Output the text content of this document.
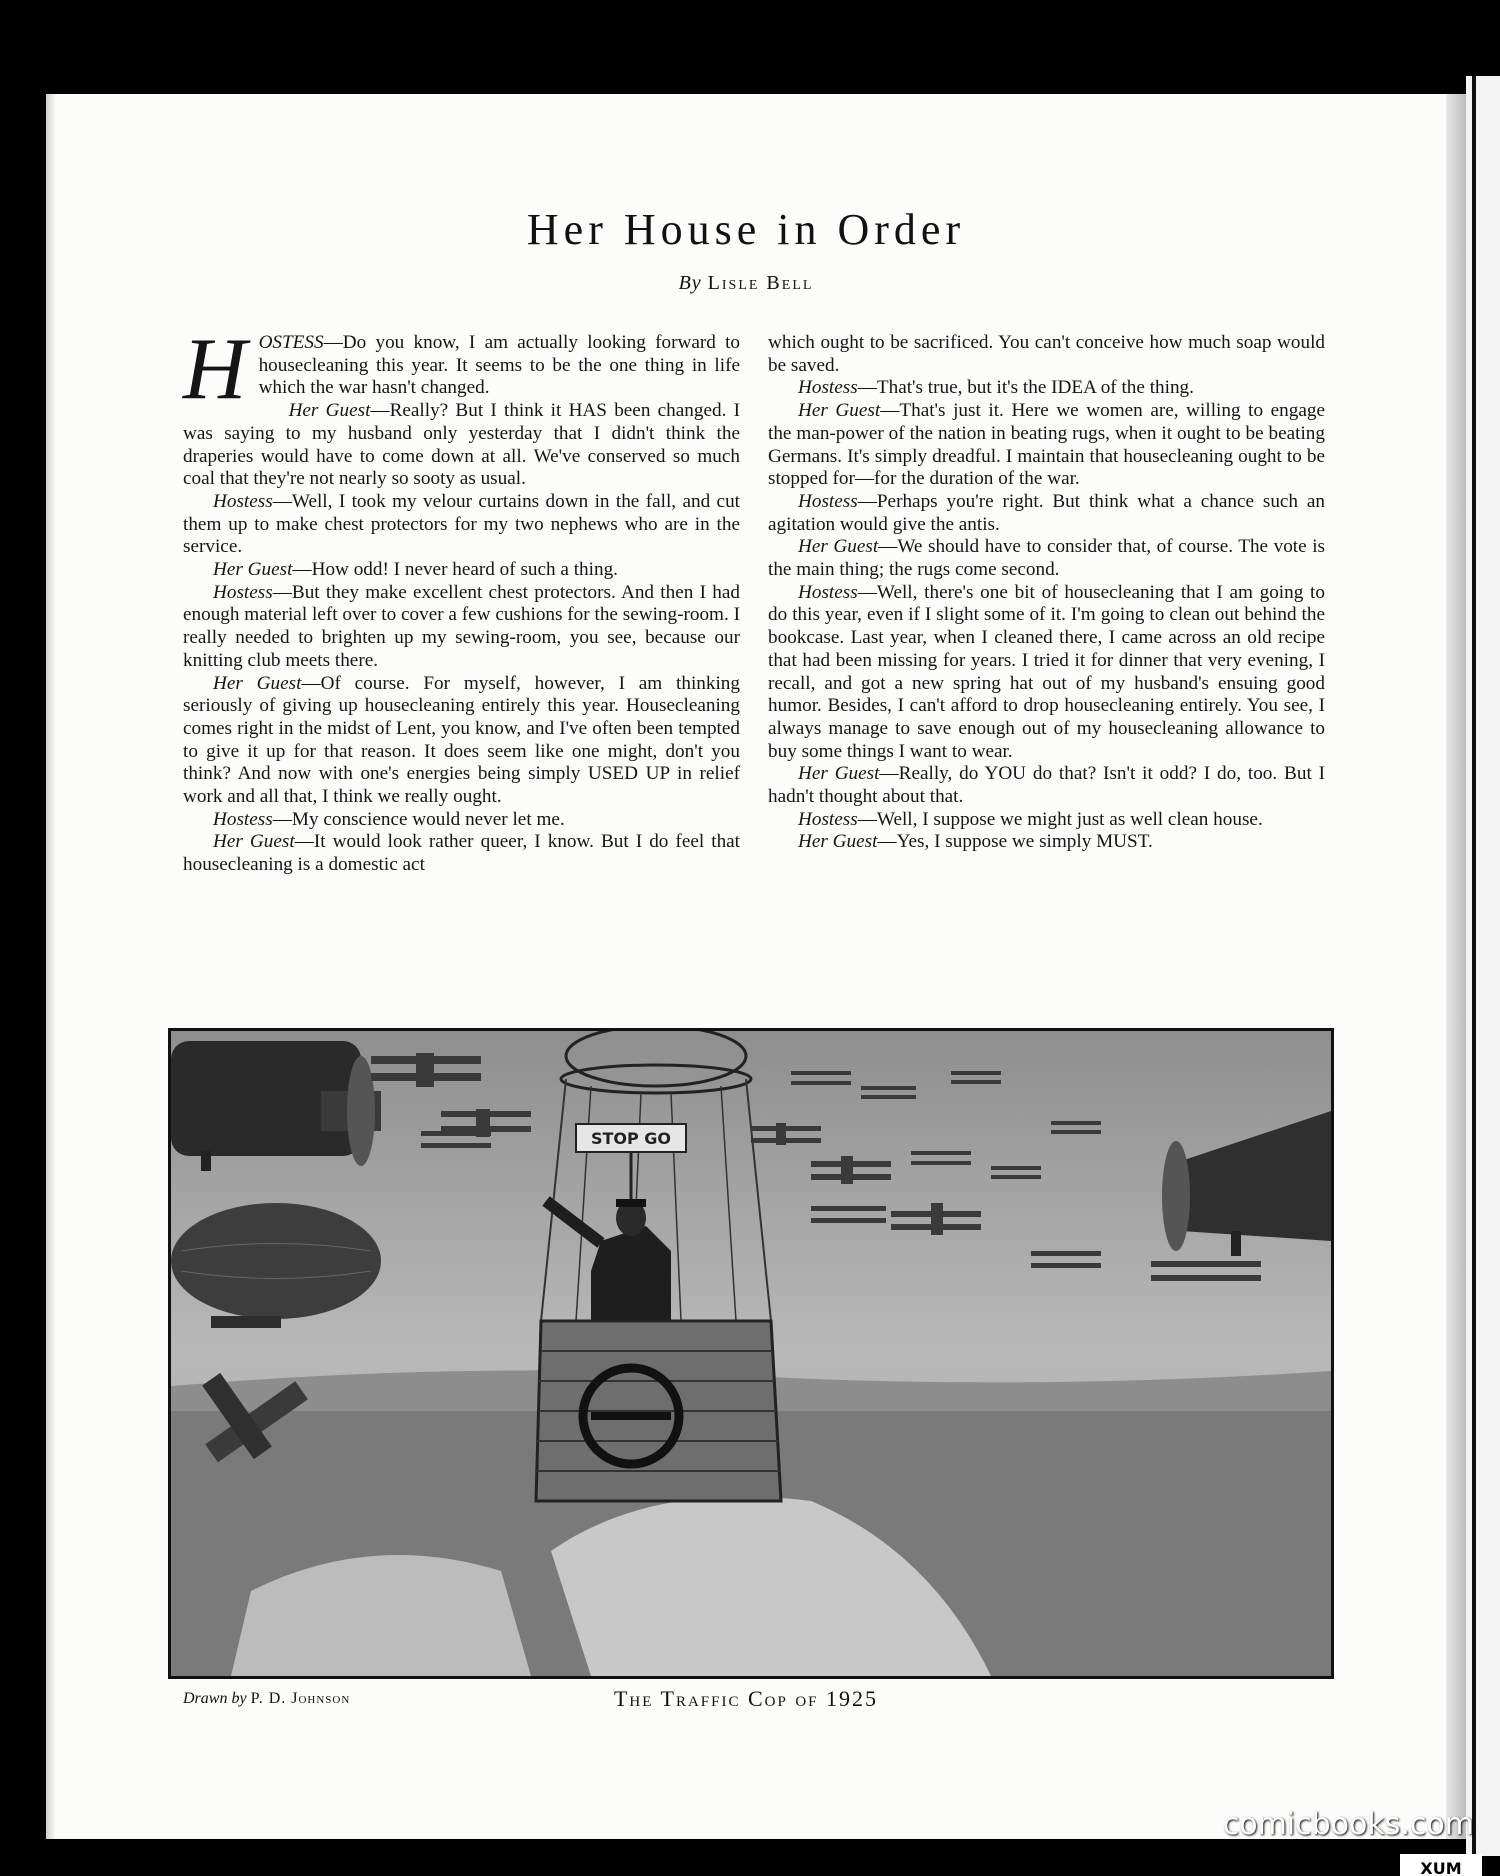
Her House in Order
By Lisle Bell

HOSTESS—Do you know, I am actually looking forward to housecleaning this year. It seems to be the one thing in life which the war hasn't changed.

Her Guest—Really? But I think it HAS been changed. I was saying to my husband only yesterday that I didn't think the draperies would have to come down at all. We've conserved so much coal that they're not nearly so sooty as usual.

Hostess—Well, I took my velour curtains down in the fall, and cut them up to make chest protectors for my two nephews who are in the service.

Her Guest—How odd! I never heard of such a thing.

Hostess—But they make excellent chest protectors. And then I had enough material left over to cover a few cushions for the sewing-room. I really needed to brighten up my sewing-room, you see, because our knitting club meets there.

Her Guest—Of course. For myself, however, I am thinking seriously of giving up housecleaning entirely this year. Housecleaning comes right in the midst of Lent, you know, and I've often been tempted to give it up for that reason. It does seem like one might, don't you think? And now with one's energies being simply USED UP in relief work and all that, I think we really ought.

Hostess—My conscience would never let me.

Her Guest—It would look rather queer, I know. But I do feel that housecleaning is a domestic act

which ought to be sacrificed. You can't conceive how much soap would be saved.

Hostess—That's true, but it's the IDEA of the thing.

Her Guest—That's just it. Here we women are, willing to engage the man-power of the nation in beating rugs, when it ought to be beating Germans. It's simply dreadful. I maintain that housecleaning ought to be stopped for—for the duration of the war.

Hostess—Perhaps you're right. But think what a chance such an agitation would give the antis.

Her Guest—We should have to consider that, of course. The vote is the main thing; the rugs come second.

Hostess—Well, there's one bit of housecleaning that I am going to do this year, even if I slight some of it. I'm going to clean out behind the bookcase. Last year, when I cleaned there, I came across an old recipe that had been missing for years. I tried it for dinner that very evening, I recall, and got a new spring hat out of my husband's ensuing good humor. Besides, I can't afford to drop housecleaning entirely. You see, I always manage to save enough out of my housecleaning allowance to buy some things I want to wear.

Her Guest—Really, do YOU do that? Isn't it odd? I do, too. But I hadn't thought about that.

Hostess—Well, I suppose we might just as well clean house.

Her Guest—Yes, I suppose we simply MUST.

STOP GO
Drawn by P. D. Johnson	The Traffic Cop of 1925
comicbooks.com
XUM
